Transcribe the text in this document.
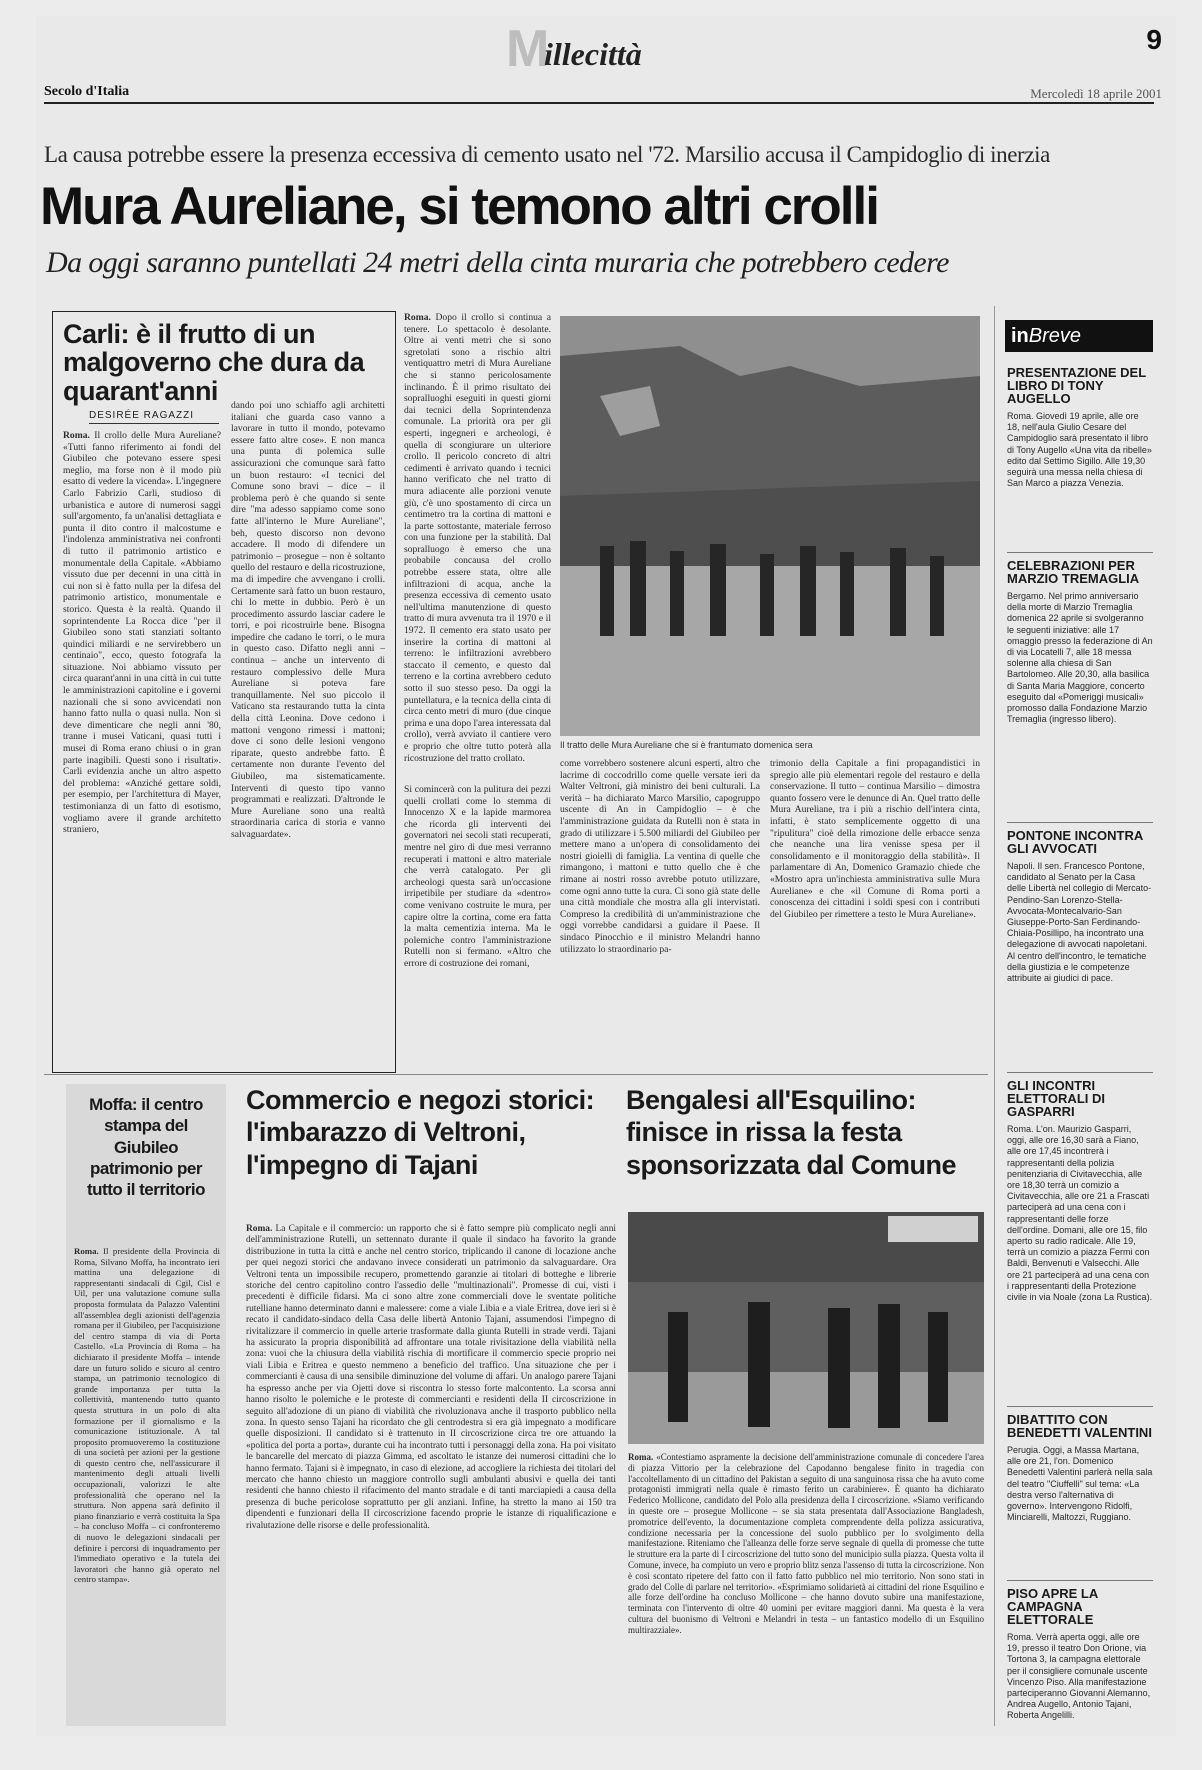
M
illecittà	9
Secolo d'Italia	Mercoledì 18 aprile 2001
La causa potrebbe essere la presenza eccessiva di cemento usato nel '72. Marsilio accusa il Campidoglio di inerzia
Mura Aureliane, si temono altri crolli
Da oggi saranno puntellati 24 metri della cinta muraria che potrebbero cedere
Carli: è il frutto di un malgoverno che dura da quarant'anni
DESIRÉE RAGAZZI
Roma. Il crollo delle Mura Aureliane? «Tutti fanno riferimento ai fondi del Giubileo che potevano essere spesi meglio, ma forse non è il modo più esatto di vedere la vicenda». L'ingegnere Carlo Fabrizio Carli, studioso di urbanistica e autore di numerosi saggi sull'argomento, fa un'analisi dettagliata e punta il dito contro il malcostume e l'indolenza amministrativa nei confronti di tutto il patrimonio artistico e monumentale della Capitale. «Abbiamo vissuto due per decenni in una città in cui non si è fatto nulla per la difesa del patrimonio artistico, monumentale e storico. Questa è la realtà. Quando il soprintendente La Rocca dice "per il Giubileo sono stati stanziati soltanto quindici miliardi e ne servirebbero un centinaio", ecco, questo fotografa la situazione. Noi abbiamo vissuto per circa quarant'anni in una città in cui tutte le amministrazioni capitoline e i governi nazionali che si sono avvicendati non hanno fatto nulla o quasi nulla. Non si deve dimenticare che negli anni '80, tranne i musei Vaticani, quasi tutti i musei di Roma erano chiusi o in gran parte inagibili. Questi sono i risultati». Carli evidenzia anche un altro aspetto del problema: «Anziché gettare soldi, per esempio, per l'architettura di Mayer, testimonianza di un fatto di esotismo, vogliamo avere il grande architetto straniero,
dando poi uno schiaffo agli architetti italiani che guarda caso vanno a lavorare in tutto il mondo, potevamo essere fatto altre cose». E non manca una punta di polemica sulle assicurazioni che comunque sarà fatto un buon restauro: «I tecnici del Comune sono bravi – dice – il problema però è che quando si sente dire "ma adesso sappiamo come sono fatte all'interno le Mure Aureliane", beh, questo discorso non devono accadere. Il modo di difendere un patrimonio – prosegue – non è soltanto quello del restauro e della ricostruzione, ma di impedire che avvengano i crolli. Certamente sarà fatto un buon restauro, chi lo mette in dubbio. Però è un procedimento assurdo lasciar cadere le torri, e poi ricostruirle bene. Bisogna impedire che cadano le torri, o le mura in questo caso. Difatto negli anni – continua – anche un intervento di restauro complessivo delle Mura Aureliane si poteva fare tranquillamente. Nel suo piccolo il Vaticano sta restaurando tutta la cinta della città Leonina. Dove cedono i mattoni vengono rimessi i mattoni; dove ci sono delle lesioni vengono riparate, questo andrebbe fatto. È certamente non durante l'evento del Giubileo, ma sistematicamente. Interventi di questo tipo vanno programmati e realizzati. D'altronde le Mure Aureliane sono una realtà straordinaria carica di storia e vanno salvaguardate».
Roma. Dopo il crollo si continua a tenere. Lo spettacolo è desolante. Oltre ai venti metri che si sono sgretolati sono a rischio altri ventiquattro metri di Mura Aureliane che si stanno pericolosamente inclinando. È il primo risultato dei sopralluoghi eseguiti in questi giorni dai tecnici della Soprintendenza comunale. La priorità ora per gli esperti, ingegneri e archeologi, è quella di scongiurare un ulteriore crollo. Il pericolo concreto di altri cedimenti è arrivato quando i tecnici hanno verificato che nel tratto di mura adiacente alle porzioni venute giù, c'è uno spostamento di circa un centimetro tra la cortina di mattoni e la parte sottostante, materiale ferroso con una funzione per la stabilità. Dal sopralluogo è emerso che una probabile concausa del crollo potrebbe essere stata, oltre alle infiltrazioni di acqua, anche la presenza eccessiva di cemento usato nell'ultima manutenzione di questo tratto di mura avvenuta tra il 1970 e il 1972. Il cemento era stato usato per inserire la cortina di mattoni al terreno: le infiltrazioni avrebbero staccato il cemento, e questo dal terreno e la cortina avrebbero ceduto sotto il suo stesso peso. Da oggi la puntellatura, e la tecnica della cinta di circa cento metri di muro (due cinque prima e una dopo l'area interessata dal crollo), verrà avviato il cantiere vero e proprio che oltre tutto poterà alla ricostruzione del tratto crollato.
Il tratto delle Mura Aureliane che si è frantumato domenica sera
Si comincerà con la pulitura dei pezzi quelli crollati come lo stemma di Innocenzo X e la lapide marmorea che ricorda gli interventi dei governatori nei secoli stati recuperati, mentre nel giro di due mesi verranno recuperati i mattoni e altro materiale che verrà catalogato. Per gli archeologi questa sarà un'occasione irripetibile per studiare da «dentro» come venivano costruite le mura, per capire oltre la cortina, come era fatta la malta cementizia interna. Ma le polemiche contro l'amministrazione Rutelli non si fermano. «Altro che errore di costruzione dei romani,
come vorrebbero sostenere alcuni esperti, altro che lacrime di coccodrillo come quelle versate ieri da Walter Veltroni, già ministro dei beni culturali. La verità – ha dichiarato Marco Marsilio, capogruppo uscente di An in Campidoglio – è che l'amministrazione guidata da Rutelli non è stata in grado di utilizzare i 5.500 miliardi del Giubileo per mettere mano a un'opera di consolidamento dei nostri gioielli di famiglia. La ventina di quelle che rimangono, i mattoni e tutto quello che è che rimane ai nostri rosso avrebbe potuto utilizzare, come ogni anno tutte la cura. Ci sono già state delle una città mondiale che mostra alla gli intervistati. Compreso la credibilità di un'amministrazione che oggi vorrebbe candidarsi a guidare il Paese. Il sindaco Pinocchio e il ministro Melandri hanno utilizzato lo straordinario pa-
trimonio della Capitale a fini propagandistici in spregio alle più elementari regole del restauro e della conservazione. Il tutto – continua Marsilio – dimostra quanto fossero vere le denunce di An. Quel tratto delle Mura Aureliane, tra i più a rischio dell'intera cinta, infatti, è stato semplicemente oggetto di una "ripulitura" cioè della rimozione delle erbacce senza che neanche una lira venisse spesa per il consolidamento e il monitoraggio della stabilità». Il parlamentare di An, Domenico Gramazio chiede che «Mostro apra un'inchiesta amministrativa sulle Mura Aureliane» e che «il Comune di Roma porti a conoscenza dei cittadini i soldi spesi con i contributi del Giubileo per rimettere a testo le Mura Aureliane».
inBreve
PRESENTAZIONE DEL LIBRO DI TONY AUGELLO
Roma. Giovedì 19 aprile, alle ore 18, nell'aula Giulio Cesare del Campidoglio sarà presentato il libro di Tony Augello «Una vita da ribelle» edito dal Settimo Sigillo. Alle 19,30 seguirà una messa nella chiesa di San Marco a piazza Venezia.
CELEBRAZIONI PER MARZIO TREMAGLIA
Bergamo. Nel primo anniversario della morte di Marzio Tremaglia domenica 22 aprile si svolgeranno le seguenti iniziative: alle 17 omaggio presso la federazione di An di via Locatelli 7, alle 18 messa solenne alla chiesa di San Bartolomeo. Alle 20,30, alla basilica di Santa Maria Maggiore, concerto eseguito dal «Pomeriggi musicali» promosso dalla Fondazione Marzio Tremaglia (ingresso libero).
PONTONE INCONTRA GLI AVVOCATI
Napoli. Il sen. Francesco Pontone, candidato al Senato per la Casa delle Libertà nel collegio di Mercato-Pendino-San Lorenzo-Stella-Avvocata-Montecalvario-San Giuseppe-Porto-San Ferdinando-Chiaia-Posillipo, ha incontrato una delegazione di avvocati napoletani. Al centro dell'incontro, le tematiche della giustizia e le competenze attribuite ai giudici di pace.
GLI INCONTRI ELETTORALI DI GASPARRI
Roma. L'on. Maurizio Gasparri, oggi, alle ore 16,30 sarà a Fiano, alle ore 17,45 incontrerà i rappresentanti della polizia penitenziaria di Civitavecchia, alle ore 18,30 terrà un comizio a Civitavecchia, alle ore 21 a Frascati parteciperà ad una cena con i rappresentanti delle forze dell'ordine. Domani, alle ore 15, filo aperto su radio radicale. Alle 19, terrà un comizio a piazza Fermi con Baldi, Benvenuti e Valsecchi. Alle ore 21 parteciperà ad una cena con i rappresentanti della Protezione civile in via Noale (zona La Rustica).
DIBATTITO CON BENEDETTI VALENTINI
Perugia. Oggi, a Massa Martana, alle ore 21, l'on. Domenico Benedetti Valentini parlerà nella sala del teatro "Ciuffelli" sul tema: «La destra verso l'alternativa di governo». Intervengono Ridolfi, Minciarelli, Maltozzi, Ruggiano.
PISO APRE LA CAMPAGNA ELETTORALE
Roma. Verrà aperta oggi, alle ore 19, presso il teatro Don Orione, via Tortona 3, la campagna elettorale per il consigliere comunale uscente Vincenzo Piso. Alla manifestazione parteciperanno Giovanni Alemanno, Andrea Augello, Antonio Tajani, Roberta Angelilli.
Moffa: il centro stampa del Giubileo patrimonio per tutto il territorio
Roma. Il presidente della Provincia di Roma, Silvano Moffa, ha incontrato ieri mattina una delegazione di rappresentanti sindacali di Cgil, Cisl e Uil, per una valutazione comune sulla proposta formulata da Palazzo Valentini all'assemblea degli azionisti dell'agenzia romana per il Giubileo, per l'acquisizione del centro stampa di via di Porta Castello. «La Provincia di Roma – ha dichiarato il presidente Moffa – intende dare un futuro solido e sicuro al centro stampa, un patrimonio tecnologico di grande importanza per tutta la collettività, mantenendo tutto quanto questa struttura in un polo di alta formazione per il giornalismo e la comunicazione istituzionale. A tal proposito promuoveremo la costituzione di una società per azioni per la gestione di questo centro che, nell'assicurare il mantenimento degli attuali livelli occupazionali, valorizzi le alte professionalità che operano nel la struttura. Non appena sarà definito il piano finanziario e verrà costituita la Spa – ha concluso Moffa – ci confronteremo di nuovo le delegazioni sindacali per definire i percorsi di inquadramento per l'immediato operativo e la tutela dei lavoratori che hanno già operato nel centro stampa».
Commercio e negozi storici: l'imbarazzo di Veltroni, l'impegno di Tajani
Roma. La Capitale e il commercio: un rapporto che si è fatto sempre più complicato negli anni dell'amministrazione Rutelli, un settennato durante il quale il sindaco ha favorito la grande distribuzione in tutta la città e anche nel centro storico, triplicando il canone di locazione anche per quei negozi storici che andavano invece considerati un patrimonio da salvaguardare. Ora Veltroni tenta un impossibile recupero, promettendo garanzie ai titolari di botteghe e librerie storiche del centro capitolino contro l'assedio delle "multinazionali". Promesse di cui, visti i precedenti è difficile fidarsi. Ma ci sono altre zone commerciali dove le sventate politiche rutelliane hanno determinato danni e malessere: come a viale Libia e a viale Eritrea, dove ieri si è recato il candidato-sindaco della Casa delle libertà Antonio Tajani, assumendosi l'impegno di rivitalizzare il commercio in quelle arterie trasformate dalla giunta Rutelli in strade verdi. Tajani ha assicurato la propria disponibilità ad affrontare una totale rivisitazione della viabilità nella zona: vuoi che la chiusura della viabilità rischia di mortificare il commercio specie proprio nei viali Libia e Eritrea e questo nemmeno a beneficio del traffico. Una situazione che per i commercianti è causa di una sensibile diminuzione del volume di affari. Un analogo parere Tajani ha espresso anche per via Ojetti dove si riscontra lo stesso forte malcontento. La scorsa anni hanno risolto le polemiche e le proteste di commercianti e residenti della II circoscrizione in seguito all'adozione di un piano di viabilità che rivoluzionava anche il trasporto pubblico nella zona. In questo senso Tajani ha ricordato che gli centrodestra si era già impegnato a modificare quelle disposizioni. Il candidato si è trattenuto in II circoscrizione circa tre ore attuando la «politica del porta a porta», durante cui ha incontrato tutti i personaggi della zona. Ha poi visitato le bancarelle del mercato di piazza Gimma, ed ascoltato le istanze dei numerosi cittadini che lo hanno fermato. Tajani si è impegnato, in caso di elezione, ad accogliere la richiesta dei titolari del mercato che hanno chiesto un maggiore controllo sugli ambulanti abusivi e quella dei tanti residenti che hanno chiesto il rifacimento del manto stradale e di tanti marciapiedi a causa della presenza di buche pericolose soprattutto per gli anziani. Infine, ha stretto la mano ai 150 tra dipendenti e funzionari della II circoscrizione facendo proprie le istanze di riqualificazione e rivalutazione delle risorse e delle professionalità.
Bengalesi all'Esquilino: finisce in rissa la festa sponsorizzata dal Comune
Roma. «Contestiamo aspramente la decisione dell'amministrazione comunale di concedere l'area di piazza Vittorio per la celebrazione del Capodanno bengalese finito in tragedia con l'accoltellamento di un cittadino del Pakistan a seguito di una sanguinosa rissa che ha avuto come protagonisti immigrati nella quale è rimasto ferito un carabiniere». È quanto ha dichiarato Federico Mollicone, candidato del Polo alla presidenza della I circoscrizione. «Siamo verificando in queste ore – prosegue Mollicone – se sia stata presentata dall'Associazione Bangladesh, promotrice dell'evento, la documentazione completa comprendente della polizza assicurativa, condizione necessaria per la concessione del suolo pubblico per lo svolgimento della manifestazione. Riteniamo che l'alleanza delle forze serve segnale di quella di promesse che tutte le strutture era la parte di I circoscrizione del tutto sono del municipio sulla piazza. Questa volta il Comune, invece, ha compiuto un vero e proprio blitz senza l'assenso di tutta la circoscrizione. Non è così scontato ripetere del fatto con il fatto fatto pubblico nel mio territorio. Non sono stati in grado del Colle di parlare nel territorio». «Esprimiamo solidarietà ai cittadini del rione Esquilino e alle forze dell'ordine ha concluso Mollicone – che hanno dovuto subire una manifestazione, terminata con l'intervento di oltre 40 uomini per evitare maggiori danni. Ma questa è la vera cultura del buonismo di Veltroni e Melandri in testa – un fantastico modello di un Esquilino multirazziale».
